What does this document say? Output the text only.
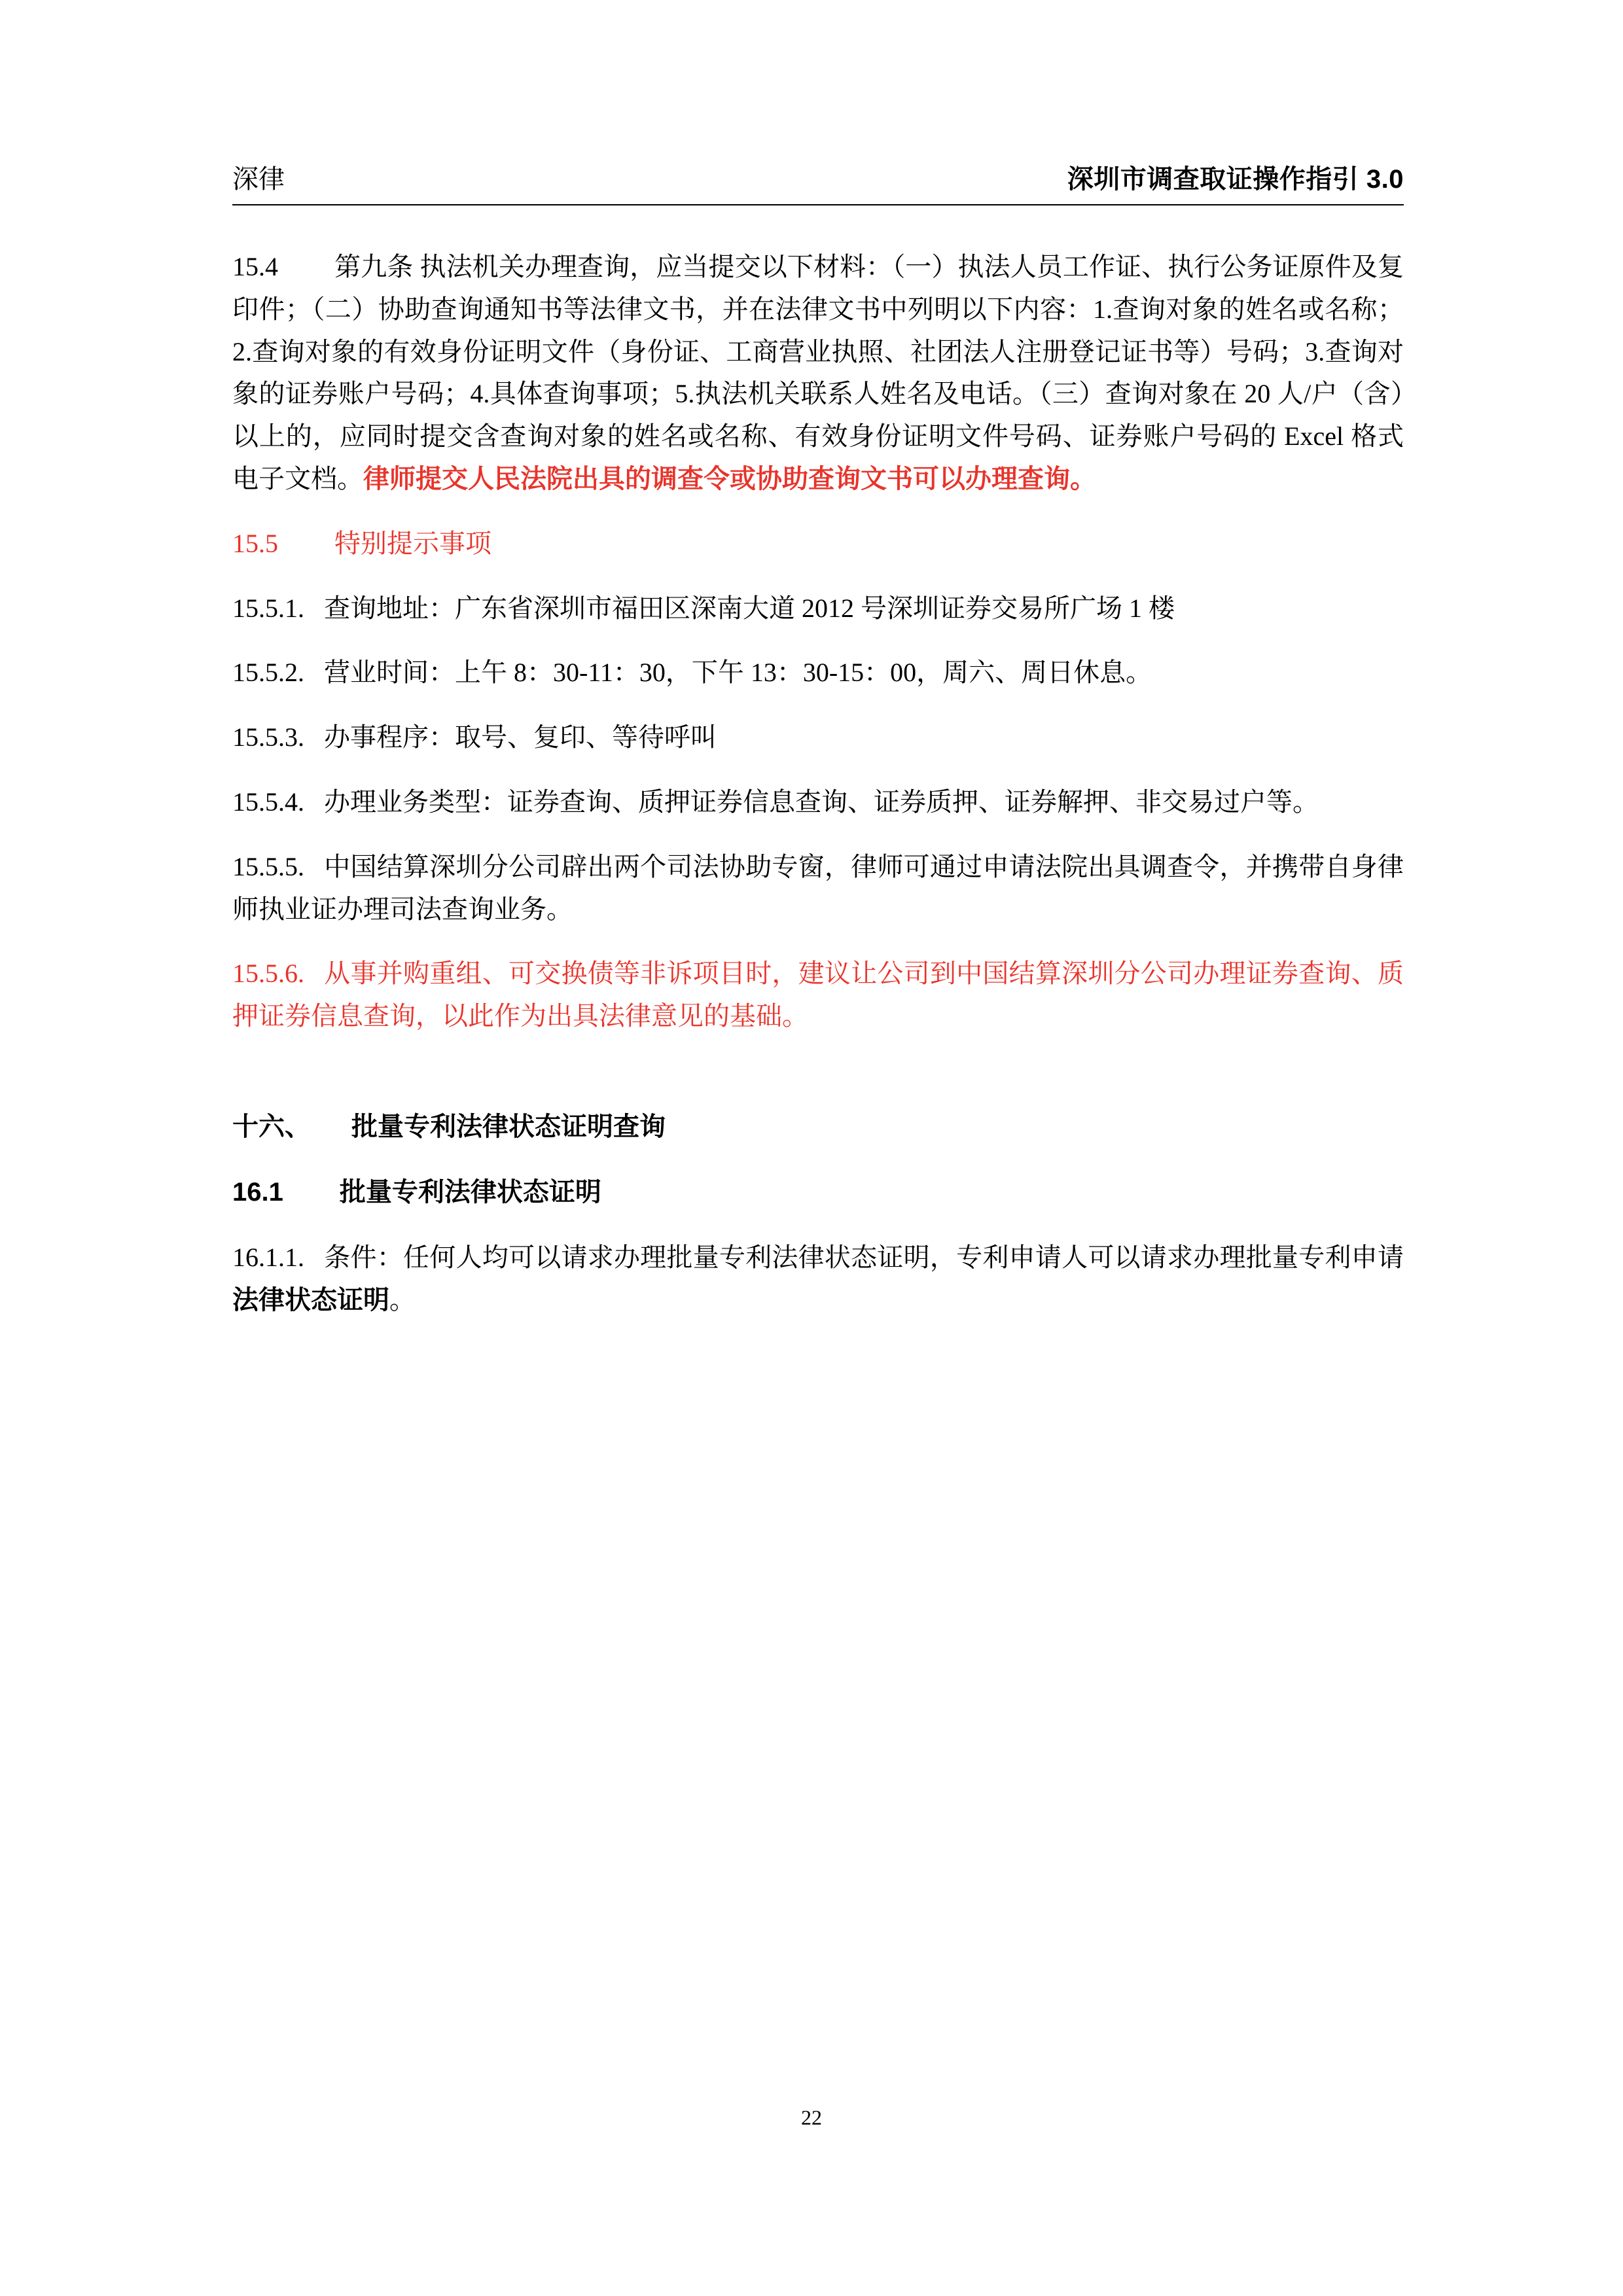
深律	深圳市调查取证操作指引 3.0

15.4 第九条 执法机关办理查询，应当提交以下材料：（一）执法人员工作证、执行公务证原件及复印件；（二）协助查询通知书等法律文书，并在法律文书中列明以下内容：1.查询对象的姓名或名称；2.查询对象的有效身份证明文件（身份证、工商营业执照、社团法人注册登记证书等）号码；3.查询对象的证券账户号码；4.具体查询事项；5.执法机关联系人姓名及电话。（三）查询对象在 20 人/户（含）以上的，应同时提交含查询对象的姓名或名称、有效身份证明文件号码、证券账户号码的 Excel 格式电子文档。律师提交人民法院出具的调查令或协助查询文书可以办理查询。

15.5 特别提示事项

15.5.1. 查询地址：广东省深圳市福田区深南大道 2012 号深圳证券交易所广场 1 楼

15.5.2. 营业时间：上午 8：30-11：30，下午 13：30-15：00，周六、周日休息。

15.5.3. 办事程序：取号、复印、等待呼叫

15.5.4. 办理业务类型：证券查询、质押证券信息查询、证券质押、证券解押、非交易过户等。

15.5.5. 中国结算深圳分公司辟出两个司法协助专窗，律师可通过申请法院出具调查令，并携带自身律师执业证办理司法查询业务。

15.5.6. 从事并购重组、可交换债等非诉项目时，建议让公司到中国结算深圳分公司办理证券查询、质押证券信息查询，以此作为出具法律意见的基础。

十六、 批量专利法律状态证明查询

16.1 批量专利法律状态证明

16.1.1. 条件：任何人均可以请求办理批量专利法律状态证明，专利申请人可以请求办理批量专利申请法律状态证明。

22
